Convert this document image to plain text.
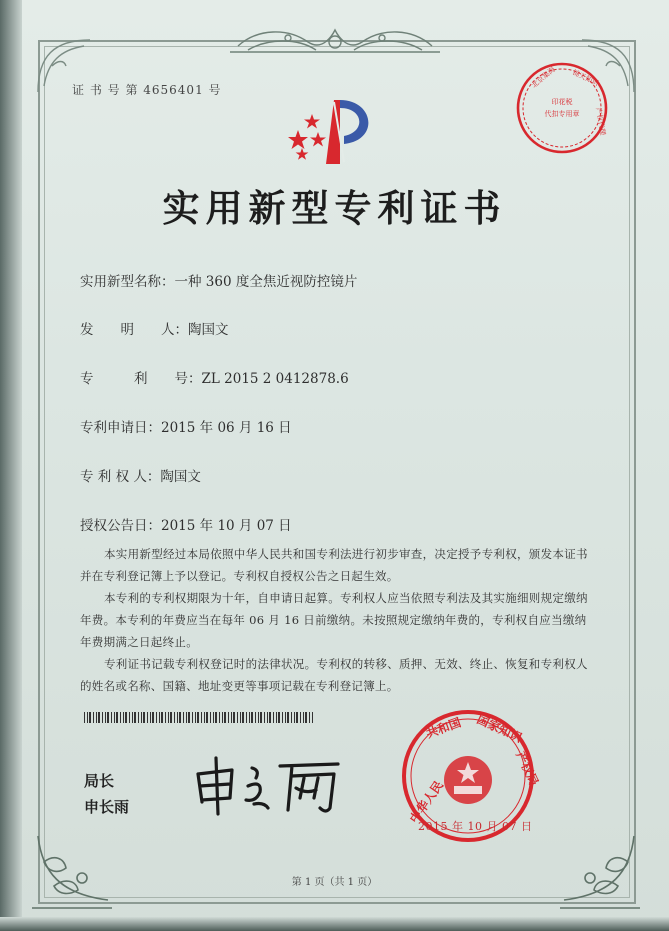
证 书 号 第 4656401 号
实用新型专利证书
实用新型名称：一种 360 度全焦近视防控镜片
发　　明　　人：陶国文
专　　　利　　号：ZL 2015 2 0412878.6
专利申请日：2015 年 06 月 16 日
专 利 权 人：陶国文
授权公告日：2015 年 10 月 07 日

本实用新型经过本局依照中华人民共和国专利法进行初步审查，决定授予专利权，颁发本证书并在专利登记簿上予以登记。专利权自授权公告之日起生效。

本专利的专利权期限为十年，自申请日起算。专利权人应当依照专利法及其实施细则规定缴纳年费。本专利的年费应当在每年 06 月 16 日前缴纳。未按照规定缴纳年费的，专利权自应当缴纳年费期满之日起终止。

专利证书记载专利权登记时的法律状况。专利权的转移、质押、无效、终止、恢复和专利权人的姓名或名称、国籍、地址变更等事项记载在专利登记簿上。

局长
申长雨
印花税
代扣专用章
北京集海 锦天知识
产权代理
中华人民
共和国 国家知识
产权局
2015 年 10 月 07 日
第 1 页（共 1 页）
